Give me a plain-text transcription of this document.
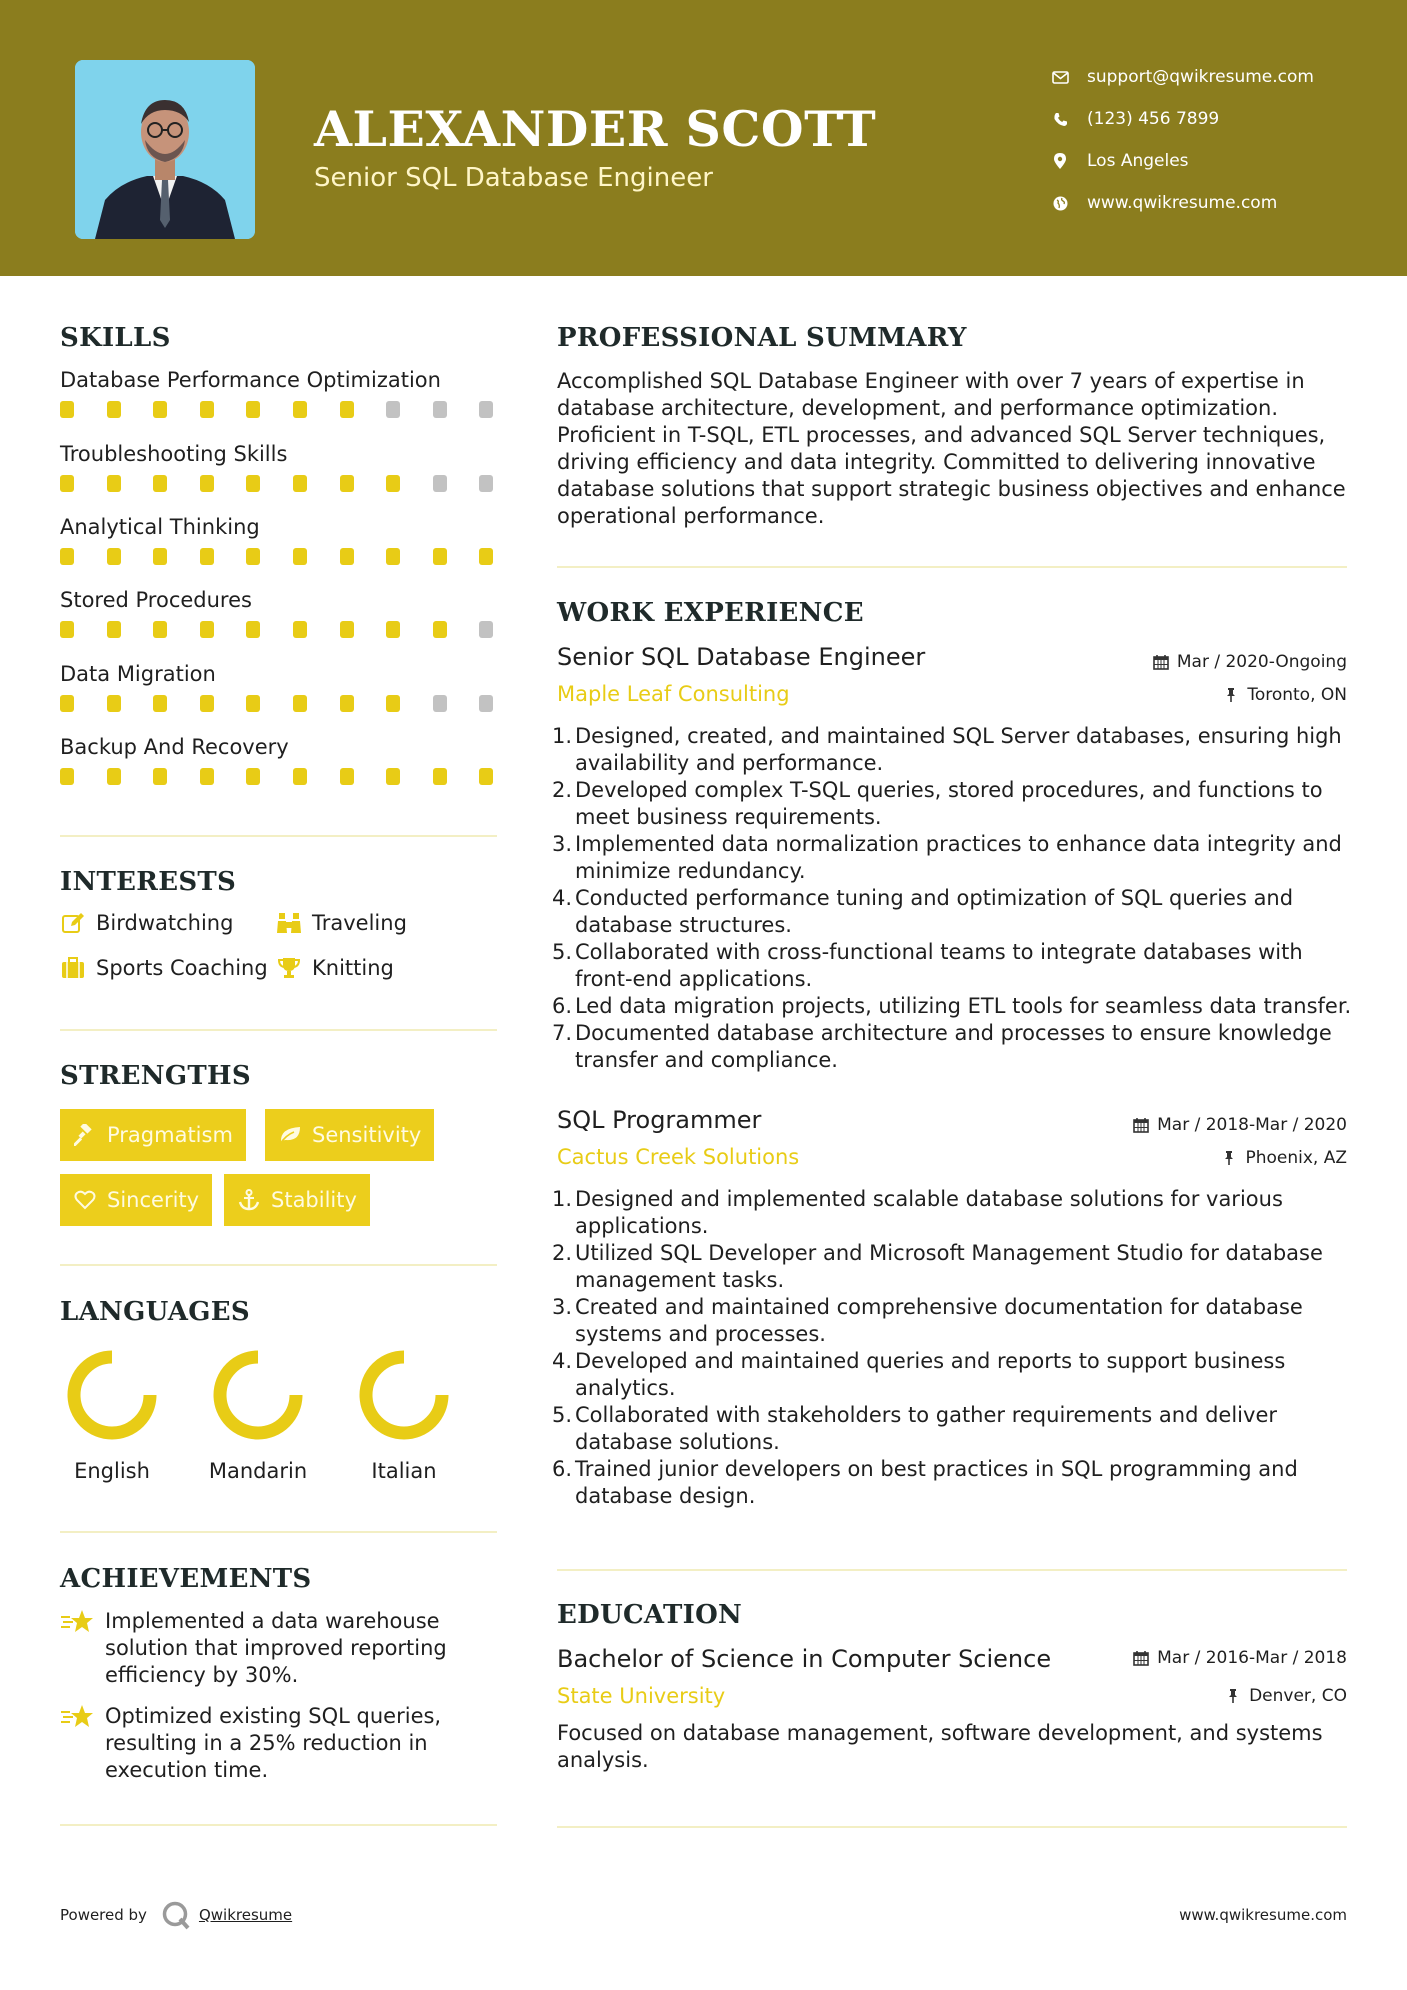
ALEXANDER SCOTT
Senior SQL Database Engineer
support@qwikresume.com
(123) 456 7899
Los Angeles
www.qwikresume.com
SKILLS
Database Performance Optimization
Troubleshooting Skills
Analytical Thinking
Stored Procedures
Data Migration
Backup And Recovery
INTERESTS
Birdwatching	Traveling
Sports Coaching Knitting
STRENGTHS
Pragmatism	Sensitivity
Sincerity	Stability
LANGUAGES
English	Mandarin	Italian
ACHIEVEMENTS
Implemented a data warehouse solution that improved reporting efficiency by 30%.
Optimized existing SQL queries, resulting in a 25% reduction in execution time.
PROFESSIONAL SUMMARY
Accomplished SQL Database Engineer with over 7 years of expertise in database architecture, development, and performance optimization. Proficient in T-SQL, ETL processes, and advanced SQL Server techniques, driving efficiency and data integrity. Committed to delivering innovative database solutions that support strategic business objectives and enhance operational performance.
WORK EXPERIENCE
Senior SQL Database Engineer	Mar / 2020-Ongoing
Maple Leaf Consulting	Toronto, ON
1. Designed, created, and maintained SQL Server databases, ensuring high availability and performance.
2. Developed complex T-SQL queries, stored procedures, and functions to meet business requirements.
3. Implemented data normalization practices to enhance data integrity and minimize redundancy.
4. Conducted performance tuning and optimization of SQL queries and database structures.
5. Collaborated with cross-functional teams to integrate databases with front-end applications.
6. Led data migration projects, utilizing ETL tools for seamless data transfer.
7. Documented database architecture and processes to ensure knowledge transfer and compliance.
SQL Programmer	Mar / 2018-Mar / 2020
Cactus Creek Solutions	Phoenix, AZ
1. Designed and implemented scalable database solutions for various applications.
2. Utilized SQL Developer and Microsoft Management Studio for database management tasks.
3. Created and maintained comprehensive documentation for database systems and processes.
4. Developed and maintained queries and reports to support business analytics.
5. Collaborated with stakeholders to gather requirements and deliver database solutions.
6. Trained junior developers on best practices in SQL programming and database design.
EDUCATION
Bachelor of Science in Computer Science	Mar / 2016-Mar / 2018
State University	Denver, CO
Focused on database management, software development, and systems analysis.
Powered by	Qwikresume	www.qwikresume.com
